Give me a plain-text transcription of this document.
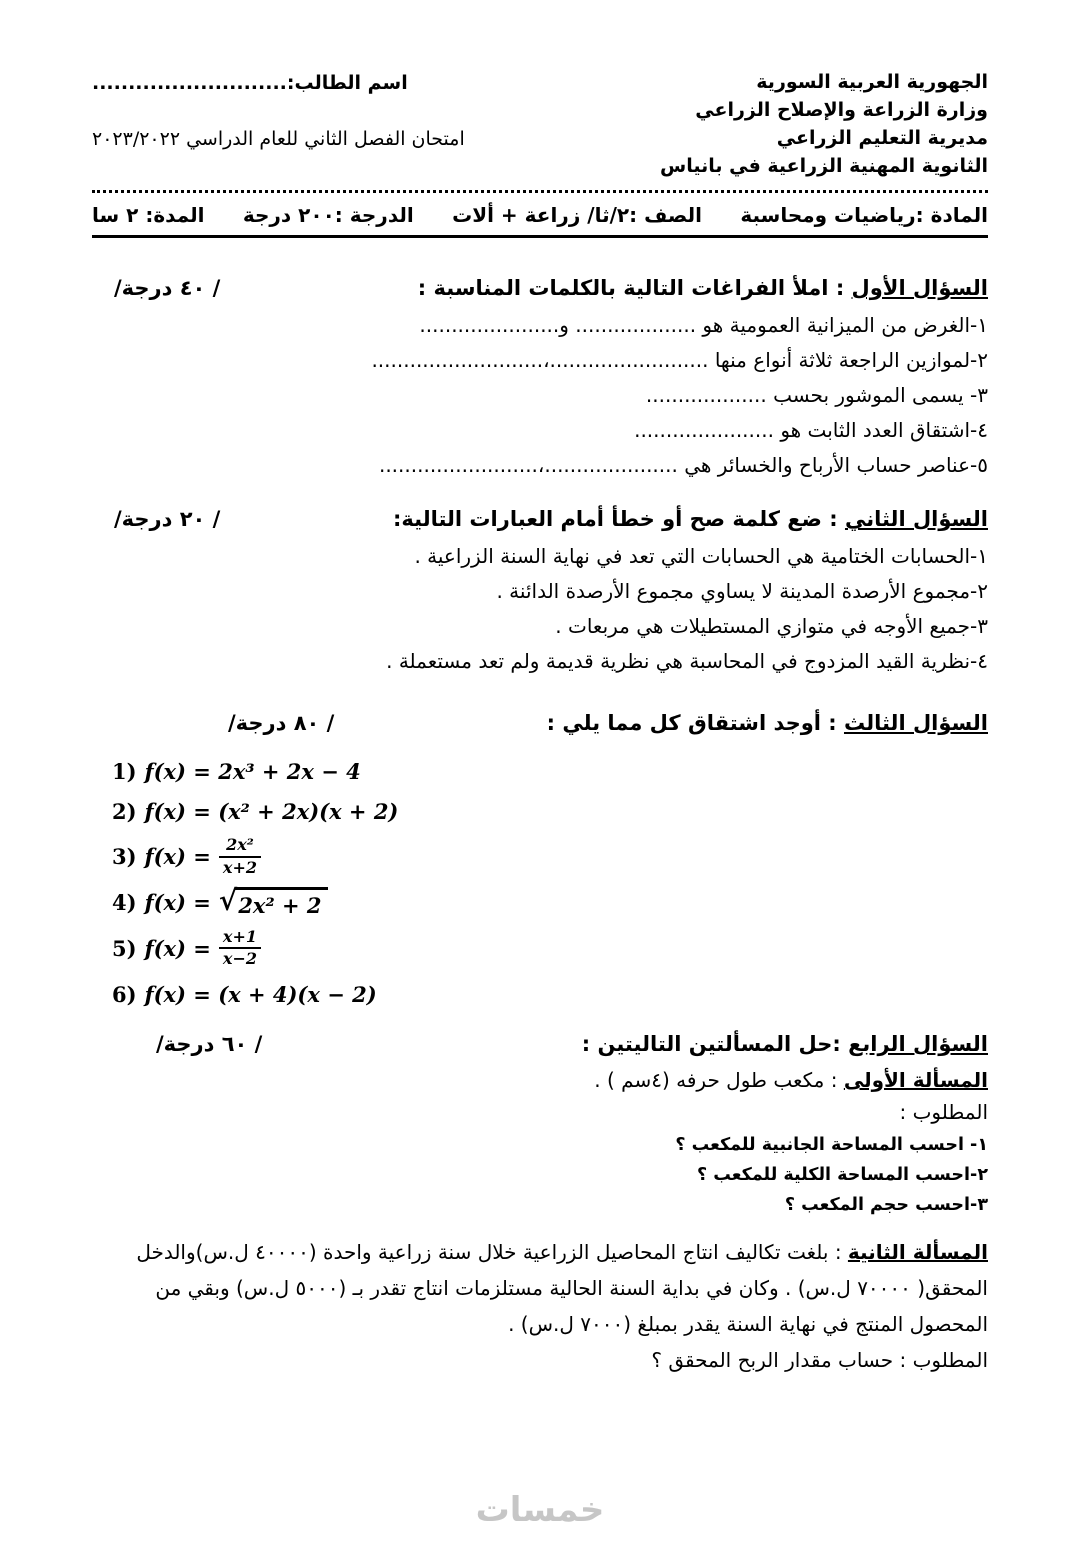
الجهورية العربية السورية
وزارة الزراعة والإصلاح الزراعي
مديرية التعليم الزراعي
الثانوية المهنية الزراعية في بانياس
اسم الطالب:...........................
امتحان الفصل الثاني للعام الدراسي ٢٠٢٣/٢٠٢٢
المادة :رياضيات ومحاسبة
الصف :٢/ثا/ زراعة + ألات
الدرجة :٢٠٠ درجة
المدة: ٢ سا
السؤال الأول : املأ الفراغات التالية بالكلمات المناسبة :
/٤٠ درجة /
١-الغرض من الميزانية العمومية هو ................... و......................
٢-لموازين الراجعة ثلاثة أنواع منها .........................،...........................
٣- يسمى الموشور بحسب ...................
٤-اشتقاق العدد الثابت هو ......................
٥-عناصر حساب الأرباح والخسائر هي .....................،.........................
السؤال الثاني : ضع كلمة صح أو خطأ أمام العبارات التالية:
/٢٠ درجة /
١-الحسابات الختامية هي الحسابات التي تعد في نهاية السنة الزراعية .
٢-مجموع الأرصدة المدينة لا يساوي مجموع الأرصدة الدائنة .
٣-جميع الأوجه في متوازي المستطيلات هي مربعات .
٤-نظرية القيد المزدوج في المحاسبة هي نظرية قديمة ولم تعد مستعملة .
السؤال الثالث : أوجد اشتقاق كل مما يلي :
/٨٠ درجة /
1) f(x) = 2x³ + 2x − 4
2) f(x) = (x² + 2x)(x + 2)
3) $f(x) = \frac{\text{2x²}}{x+2}$
4) f(x) = √ 2x² + 2
5) $f(x) = \frac{x+1}{x-2}$
6) f(x) = (x + 4)(x − 2)
السؤال الرابع :حل المسألتين التاليتين :
/٦٠ درجة /
المسألة الأولى : مكعب طول حرفه (٤سم ) .
المطلوب :
١- احسب المساحة الجانبية للمكعب ؟
٢-احسب المساحة الكلية للمكعب ؟
٣-احسب حجم المكعب ؟
المسألة الثانية : بلغت تكاليف انتاج المحاصيل الزراعية خلال سنة زراعية واحدة (٤٠٠٠٠ ل.س)والدخل المحقق( ٧٠٠٠٠ ل.س) . وكان في بداية السنة الحالية مستلزمات انتاج تقدر بـ (٥٠٠٠ ل.س) وبقي من المحصول المنتج في نهاية السنة يقدر بمبلغ (٧٠٠٠ ل.س) .
المطلوب : حساب مقدار الربح المحقق ؟
خمسات
